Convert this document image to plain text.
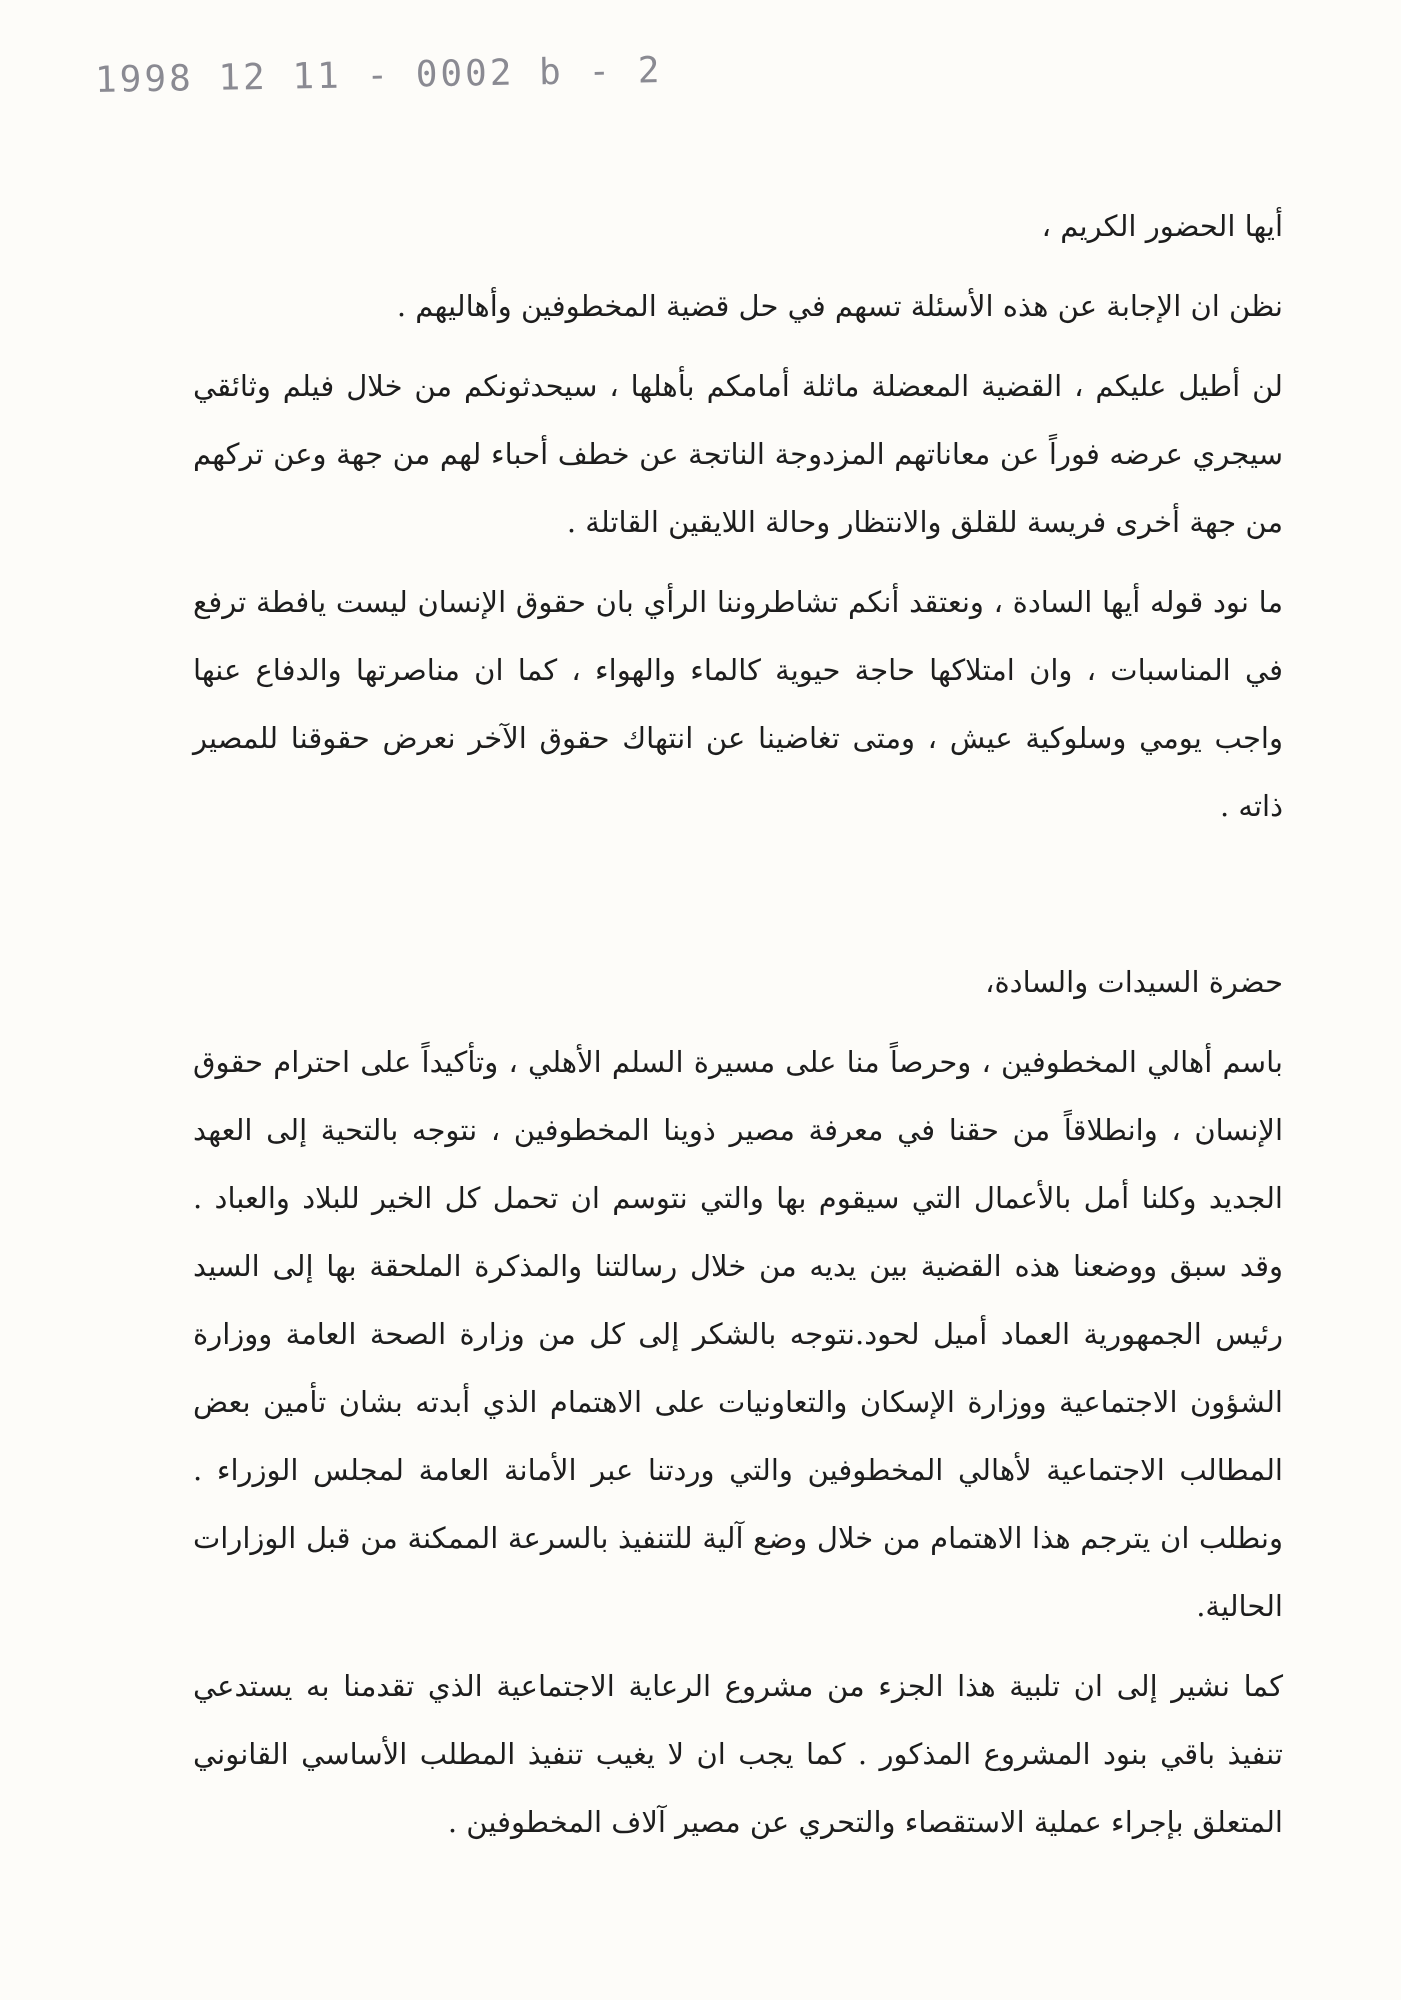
1998 12 11 - 0002 b - 2

أيها الحضور الكريم ،

نظن ان الإجابة عن هذه الأسئلة تسهم في حل قضية المخطوفين وأهاليهم .

لن أطيل عليكم ، القضية المعضلة ماثلة أمامكم بأهلها ، سيحدثونكم من خلال فيلم وثائقي سيجري عرضه فوراً عن معاناتهم المزدوجة الناتجة عن خطف أحباء لهم من جهة وعن تركهم من جهة أخرى فريسة للقلق والانتظار وحالة اللايقين القاتلة .

ما نود قوله أيها السادة ، ونعتقد أنكم تشاطروننا الرأي بان حقوق الإنسان ليست يافطة ترفع في المناسبات ، وان امتلاكها حاجة حيوية كالماء والهواء ، كما ان مناصرتها والدفاع عنها واجب يومي وسلوكية عيش ، ومتى تغاضينا عن انتهاك حقوق الآخر نعرض حقوقنا للمصير ذاته .

حضرة السيدات والسادة،

باسم أهالي المخطوفين ، وحرصاً منا على مسيرة السلم الأهلي ، وتأكيداً على احترام حقوق الإنسان ، وانطلاقاً من حقنا في معرفة مصير ذوينا المخطوفين ، نتوجه بالتحية إلى العهد الجديد وكلنا أمل بالأعمال التي سيقوم بها والتي نتوسم ان تحمل كل الخير للبلاد والعباد . وقد سبق ووضعنا هذه القضية بين يديه من خلال رسالتنا والمذكرة الملحقة بها إلى السيد رئيس الجمهورية العماد أميل لحود.نتوجه بالشكر إلى كل من وزارة الصحة العامة ووزارة الشؤون الاجتماعية ووزارة الإسكان والتعاونيات على الاهتمام الذي أبدته بشان تأمين بعض المطالب الاجتماعية لأهالي المخطوفين والتي وردتنا عبر الأمانة العامة لمجلس الوزراء . ونطلب ان يترجم هذا الاهتمام من خلال وضع آلية للتنفيذ بالسرعة الممكنة من قبل الوزارات الحالية.

كما نشير إلى ان تلبية هذا الجزء من مشروع الرعاية الاجتماعية الذي تقدمنا به يستدعي تنفيذ باقي بنود المشروع المذكور . كما يجب ان لا يغيب تنفيذ المطلب الأساسي القانوني المتعلق بإجراء عملية الاستقصاء والتحري عن مصير آلاف المخطوفين .
